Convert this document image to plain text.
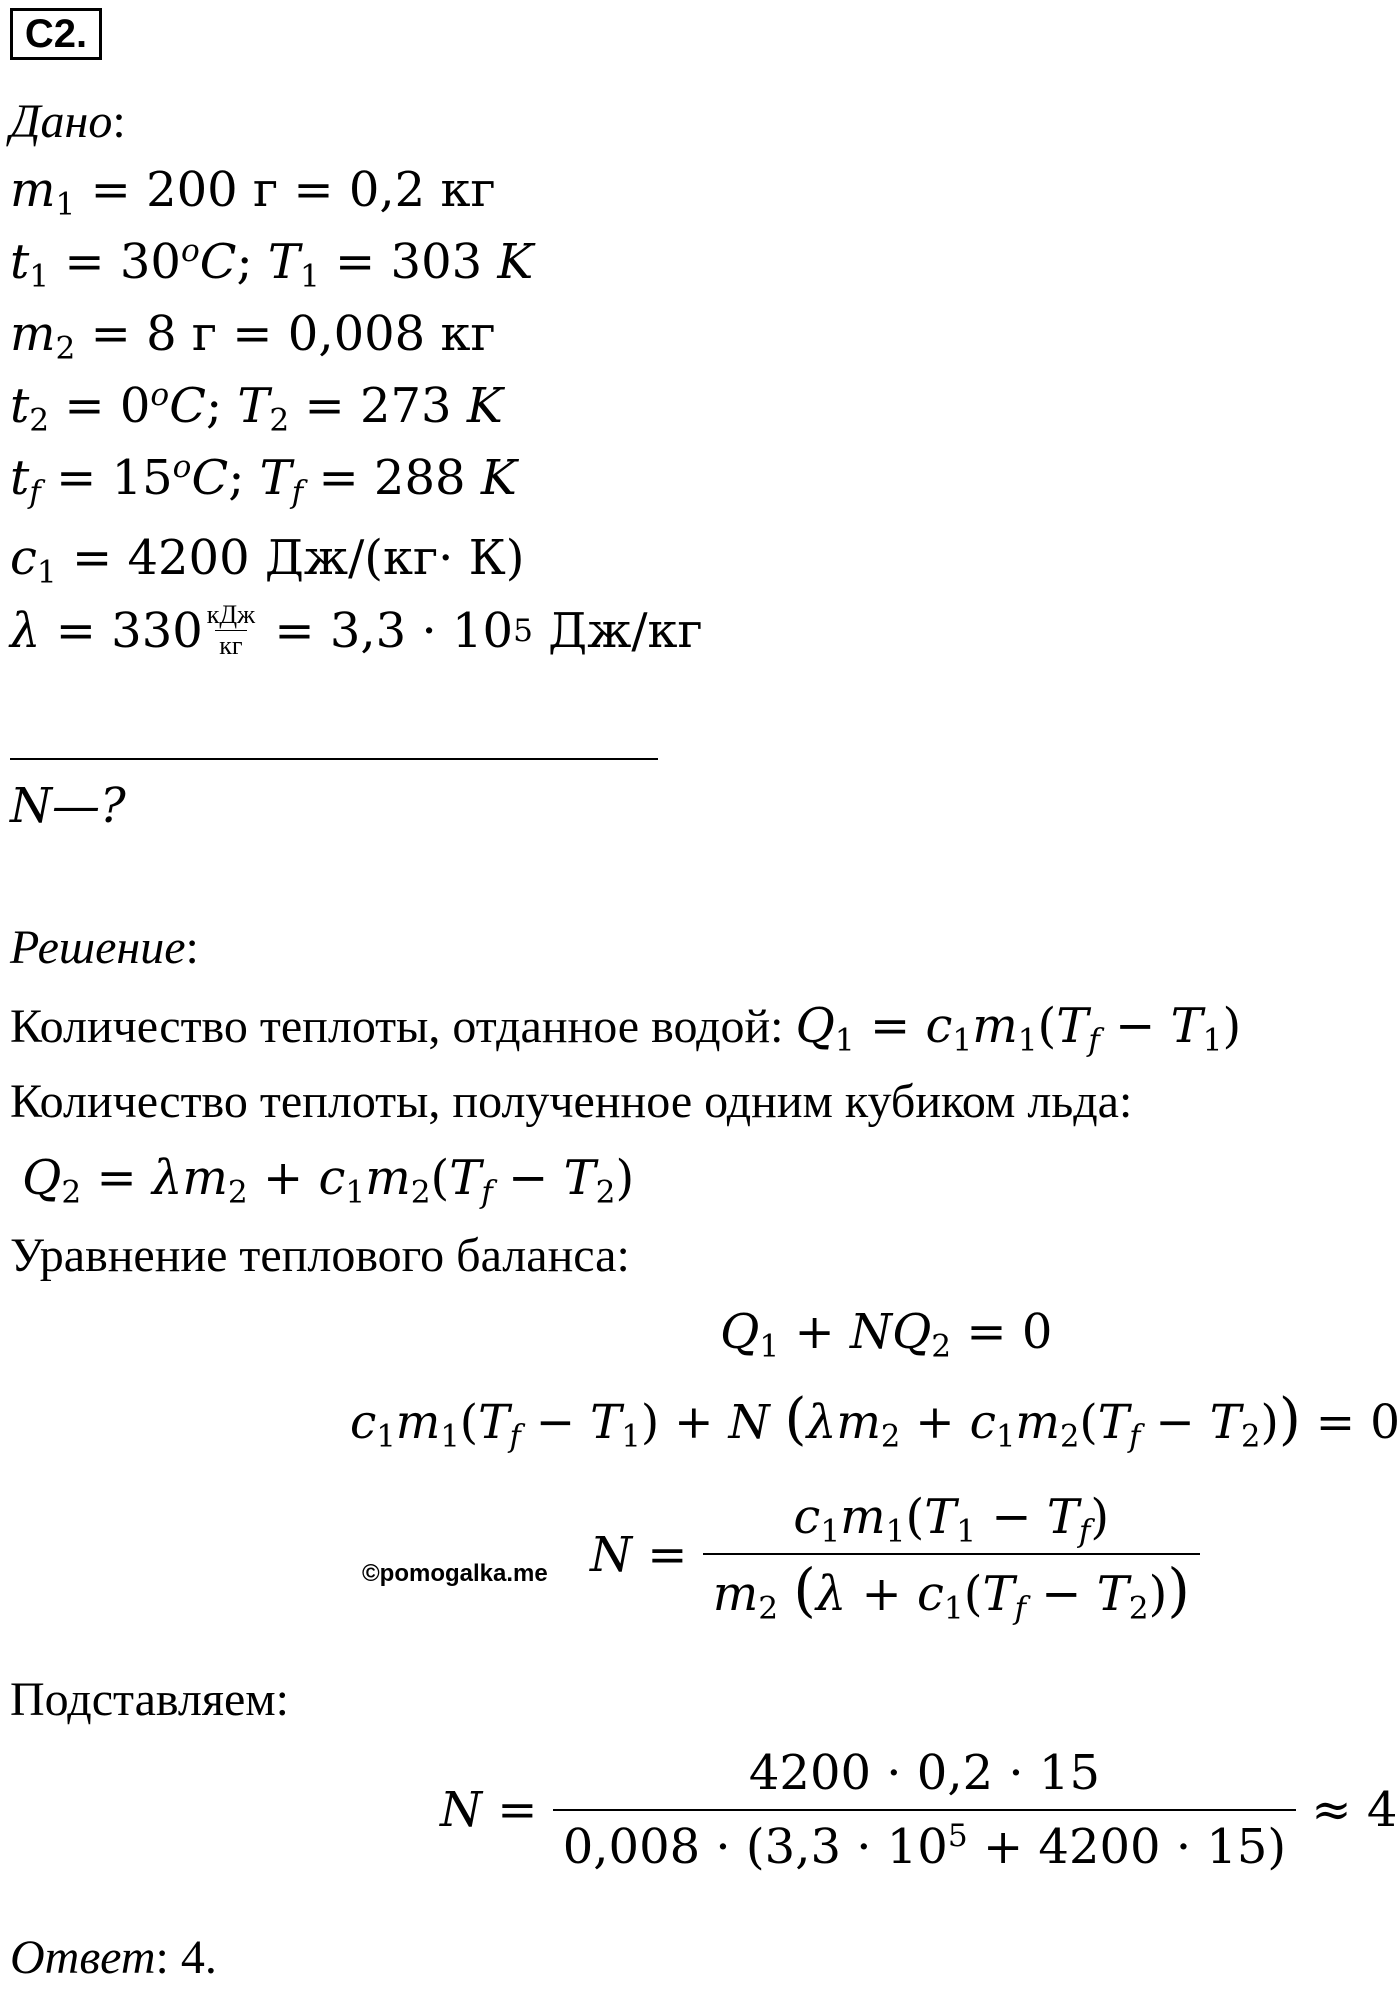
C2.
Дано:
$m_1 = 200$ г = 0,2 кг
$t_1 = 30^oC$; $T_1 = 303$ K
$m_2 = 8$ г = 0,008 кг
$t_2 = 0^oC$; $T_2 = 273$ K
$t_f = 15^oC$; $T_f = 288$ K
$c_1 = 4200$ Дж/(кг· К)
λ
= $330 \frac{\text{кДж}}{кг}$
= 3,3 · 10 5
Дж/кг
N—?
Решение:
Количество теплоты, отданное водой: $Q_1 = c_1m_1(T_f - T_1)$
Количество теплоты, полученное одним кубиком льда:
$Q_2 = \lambda m_2 + c_1m_2(T_f - T_2)$
Уравнение теплового баланса:
$Q_1 + NQ_2 = 0$
$c_1m_1(T_f - T_1) + N$ $(\lambda m_2 + c_1m_2(T_f - T_2)) = 0$
©pomogalka.me $N = \frac{c_1m_1(T_1 - T_f)}{m_2 (\lambda + c_1(T_f - T_2))}$
Подставляем:
$N = \frac{4200 \cdot 0,2 \cdot 15}{0,008 \cdot (3,3 \cdot 10^5 + 4200 \cdot 15)}$
≈ 4
Ответ: 4.
